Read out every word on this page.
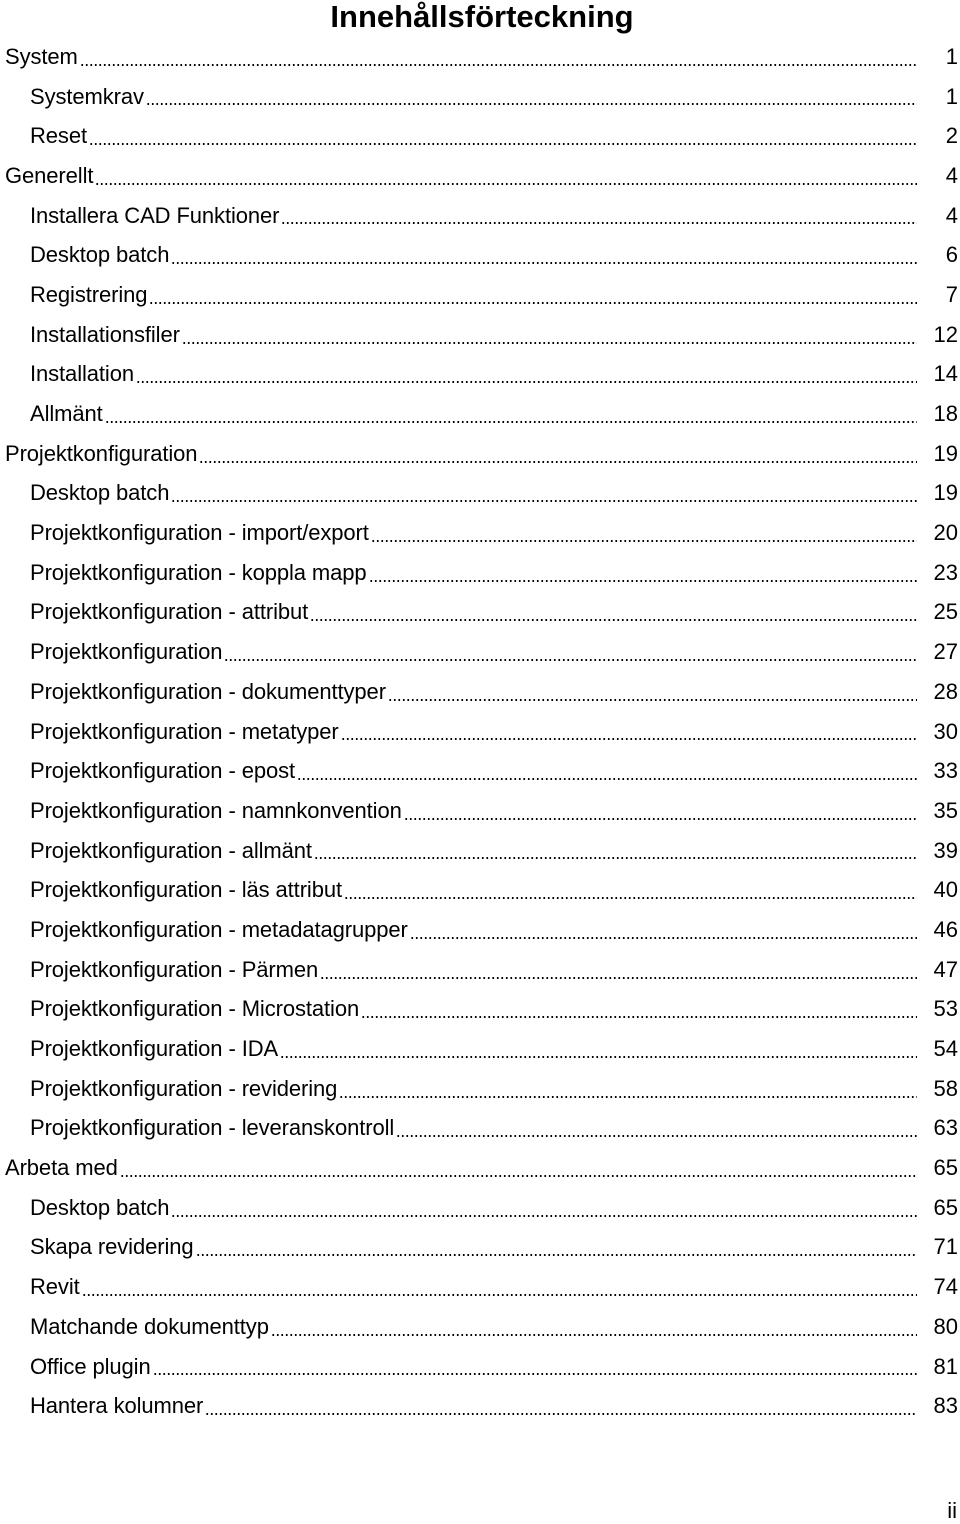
Innehållsförteckning
System	1
Systemkrav	1
Reset	2
Generellt	4
Installera CAD Funktioner	4
Desktop batch	6
Registrering	7
Installationsfiler	12
Installation	14
Allmänt	18
Projektkonfiguration	19
Desktop batch	19
Projektkonfiguration - import/export	20
Projektkonfiguration - koppla mapp	23
Projektkonfiguration - attribut	25
Projektkonfiguration	27
Projektkonfiguration - dokumenttyper	28
Projektkonfiguration - metatyper	30
Projektkonfiguration - epost	33
Projektkonfiguration - namnkonvention	35
Projektkonfiguration - allmänt	39
Projektkonfiguration - läs attribut	40
Projektkonfiguration - metadatagrupper	46
Projektkonfiguration - Pärmen	47
Projektkonfiguration - Microstation	53
Projektkonfiguration - IDA	54
Projektkonfiguration - revidering	58
Projektkonfiguration - leveranskontroll	63
Arbeta med	65
Desktop batch	65
Skapa revidering	71
Revit	74
Matchande dokumenttyp	80
Office plugin	81
Hantera kolumner	83
ii
